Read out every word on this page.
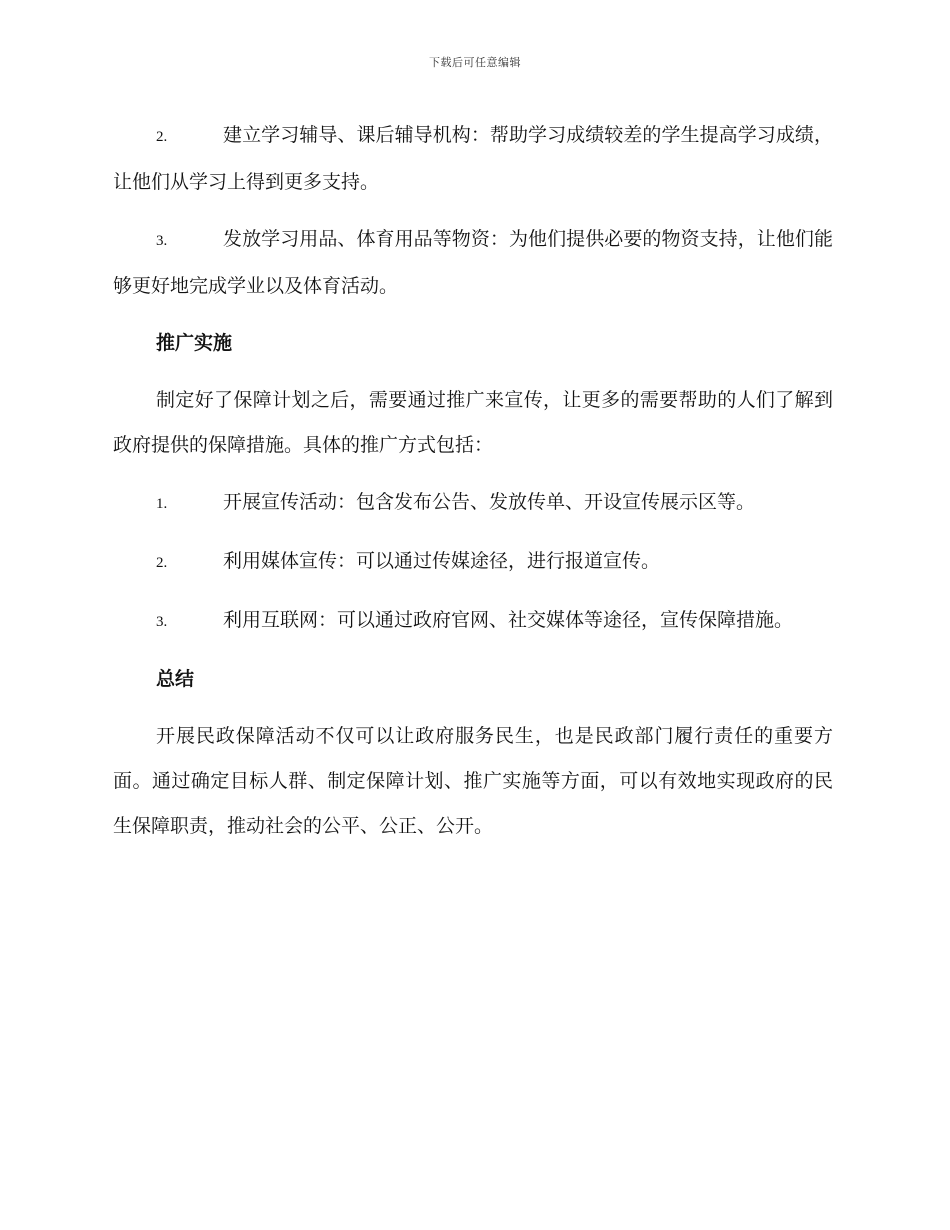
下载后可任意编辑

2.	建立学习辅导、课后辅导机构：帮助学习成绩较差的学生提高学习成绩，让他们从学习上得到更多支持。

3.	发放学习用品、体育用品等物资：为他们提供必要的物资支持，让他们能够更好地完成学业以及体育活动。

推广实施

制定好了保障计划之后，需要通过推广来宣传，让更多的需要帮助的人们了解到政府提供的保障措施。具体的推广方式包括：

1.	开展宣传活动：包含发布公告、发放传单、开设宣传展示区等。

2.	利用媒体宣传：可以通过传媒途径，进行报道宣传。

3.	利用互联网：可以通过政府官网、社交媒体等途径，宣传保障措施。

总结

开展民政保障活动不仅可以让政府服务民生，也是民政部门履行责任的重要方面。通过确定目标人群、制定保障计划、推广实施等方面，可以有效地实现政府的民生保障职责，推动社会的公平、公正、公开。
